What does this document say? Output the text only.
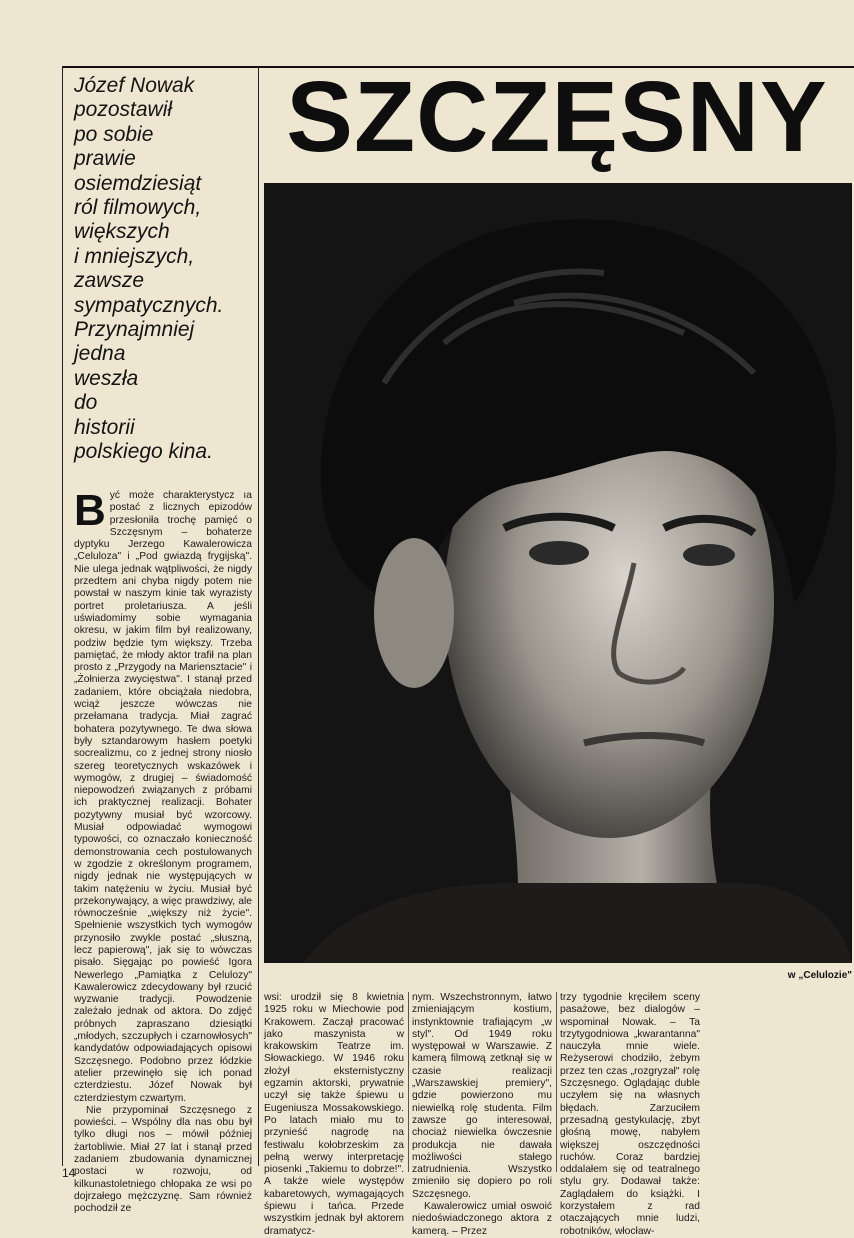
SZCZĘSNY

Józef Nowak
pozostawił
po sobie
prawie
osiemdziesiąt
ról filmowych,
większych
i mniejszych,
zawsze
sympatycznych.
Przynajmniej
jedna
weszła
do
historii
polskiego kina.

w „Celulozie"

Być może charakterystycz ıa postać z licznych epizodów przesłoniła trochę pamięć o Szczęsnym – bohaterze dyptyku Jerzego Kawalerowicza „Celuloza" i „Pod gwiazdą frygijską". Nie ulega jednak wątpliwości, że nigdy przedtem ani chyba nigdy potem nie powstał w naszym kinie tak wyrazisty portret proletariusza. A jeśli uświadomimy sobie wymagania okresu, w jakim film był realizowany, podziw będzie tym większy. Trzeba pamiętać, że młody aktor trafił na plan prosto z „Przygody na Mariensztacie" i „Żołnierza zwycięstwa". I stanął przed zadaniem, które obciążała niedobra, wciąż jeszcze wówczas nie przełamana tradycja. Miał zagrać bohatera pozytywnego. Te dwa słowa były sztandarowym hasłem poetyki socrealizmu, co z jednej strony niosło szereg teoretycznych wskazówek i wymogów, z drugiej – świadomość niepowodzeń związanych z próbami ich praktycznej realizacji. Bohater pozytywny musiał być wzorcowy. Musiał odpowiadać wymogowi typowości, co oznaczało konieczność demonstrowania cech postulowanych w zgodzie z określonym programem, nigdy jednak nie występujących w takim natężeniu w życiu. Musiał być przekonywający, a więc prawdziwy, ale równocześnie „większy niż życie". Spełnienie wszystkich tych wymogów przynosiło zwykle postać „słuszną, lecz papierową", jak się to wówczas pisało. Sięgając po powieść Igora Newerlego „Pamiątka z Celulozy" Kawalerowicz zdecydowany był rzucić wyzwanie tradycji. Powodzenie zależało jednak od aktora. Do zdjęć próbnych zapraszano dziesiątki „młodych, szczupłych i czarnowłosych" kandydatów odpowiadających opisowi Szczęsnego. Podobno przez łódzkie atelier przewinęło się ich ponad czterdziestu. Józef Nowak był czterdziestym czwartym.

Nie przypominał Szczęsnego z powieści. – Wspólny dla nas obu był tylko długi nos – mówił później żartobliwie. Miał 27 lat i stanął przed zadaniem zbudowania dynamicznej postaci w rozwoju, od kilkunastoletniego chłopaka ze wsi po dojrzałego mężczyznę. Sam również pochodził ze

wsi: urodził się 8 kwietnia 1925 roku w Miechowie pod Krakowem. Zaczął pracować jako maszynista w krakowskim Teatrze im. Słowackiego. W 1946 roku złożył eksternistyczny egzamin aktorski, prywatnie uczył się także śpiewu u Eugeniusza Mossakowskiego. Po latach miało mu to przynieść nagrodę na festiwalu kołobrzeskim za pełną werwy interpretację piosenki „Takiemu to dobrze!". A także wiele występów kabaretowych, wymagających śpiewu i tańca. Przede wszystkim jednak był aktorem dramatycz-

nym. Wszechstronnym, łatwo zmieniającym kostium, instynktownie trafiającym „w styl". Od 1949 roku występował w Warszawie. Z kamerą filmową zetknął się w czasie realizacji „Warszawskiej premiery", gdzie powierzono mu niewielką rolę studenta. Film zawsze go interesował, chociaż niewielka ówczesnie produkcja nie dawała możliwości stałego zatrudnienia. Wszystko zmieniło się dopiero po roli Szczęsnego.

Kawalerowicz umiał oswoić niedoświadczonego aktora z kamerą. – Przez

trzy tygodnie kręciłem sceny pasażowe, bez dialogów – wspominał Nowak. – Ta trzytygodniowa „kwarantanna" nauczyła mnie wiele. Reżyserowi chodziło, żebym przez ten czas „rozgryzał" rolę Szczęsnego. Oglądając duble uczyłem się na własnych błędach. Zarzuciłem przesadną gestykulację, zbyt głośną mowę, nabyłem większej oszczędności ruchów. Coraz bardziej oddalałem się od teatralnego stylu gry. Dodawał także: Zaglądałem do książki. I korzystałem z rad otaczających mnie ludzi, robotników, włocław-

14
